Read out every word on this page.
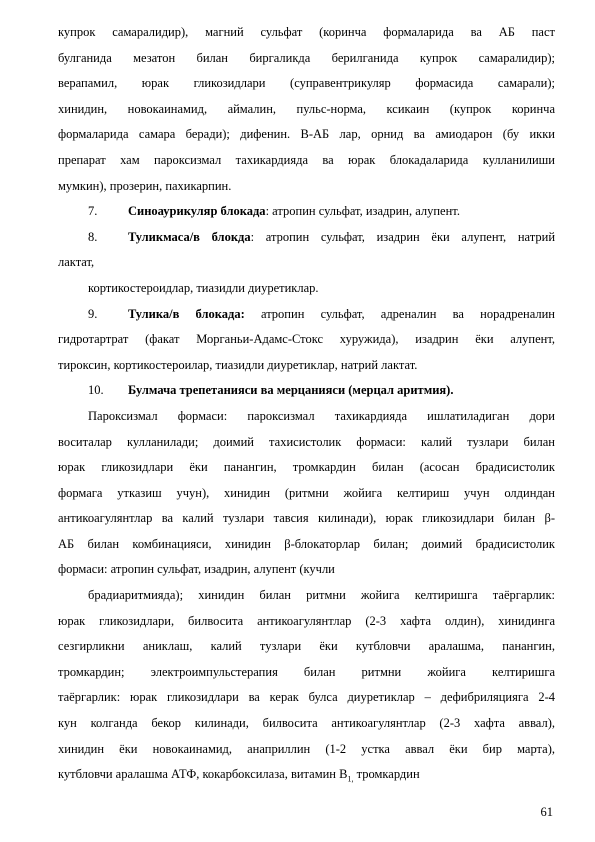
купрок самаралидир), магний сульфат (коринча формаларида ва АБ паст
булганида мезатон билан биргаликда берилганида купрок самаралидир);
верапамил, юрак гликозидлари (суправентрикуляр формасида самарали);
хинидин, новокаинамид, аймалин, пульс-норма, ксикаин (купрок коринча
формаларида самара беради); дифенин. В-АБ лар, орнид ва амиодарон (бу икки
препарат хам пароксизмал тахикардияда ва юрак блокадаларида кулланилиши
мумкин), прозерин, пахикарпин.
7. Синоаурикуляр блокада: атропин сульфат, изадрин, алупент.
8. Туликмаса/в блокда: атропин сульфат, изадрин ёки алупент, натрий
лактат,
кортикостероидлар, тиазидли диуретиклар.
9. Тулика/в блокада: атропин сульфат, адреналин ва норадреналин
гидротартрат (факат Морганьи-Адамс-Стокс хуружида), изадрин ёки алупент,
тироксин, кортикостероилар, тиазидли диуретиклар, натрий лактат.
10. Булмача трепетанияси ва мерцанияси (мерцал аритмия).
Пароксизмал формаси: пароксизмал тахикардияда ишлатиладиган дори
воситалар кулланилади; доимий тахисистолик формаси: калий тузлари билан
юрак гликозидлари ёки панангин, тромкардин билан (асосан брадисистолик
формага утказиш учун), хинидин (ритмни жойига келтириш учун олдиндан
антикоагулянтлар ва калий тузлари тавсия килинади), юрак гликозидлари билан β-
АБ билан комбинацияси, хинидин β-блокаторлар билан; доимий брадисистолик
формаси: атропин сульфат, изадрин, алупент (кучли
брадиаритмияда); хинидин билан ритмни жойига келтиришга таёргарлик:
юрак гликозидлари, билвосита антикоагулянтлар (2-3 хафта олдин), хинидинга
сезгирликни аниклаш, калий тузлари ёки кутбловчи аралашма, панангин,
тромкардин; электроимпульстерапия билан ритмни жойига келтиришга
таёргарлик: юрак гликозидлари ва керак булса диуретиклар – дефибриляцияга 2-4
кун колганда бекор килинади, билвосита антикоагулянтлар (2-3 хафта аввал),
хинидин ёки новокаинамид, анаприллин (1-2 устка аввал ёки бир марта),
кутбловчи аралашма АТФ, кокарбоксилаза, витамин $В_{1,}$ тромкардин
61
